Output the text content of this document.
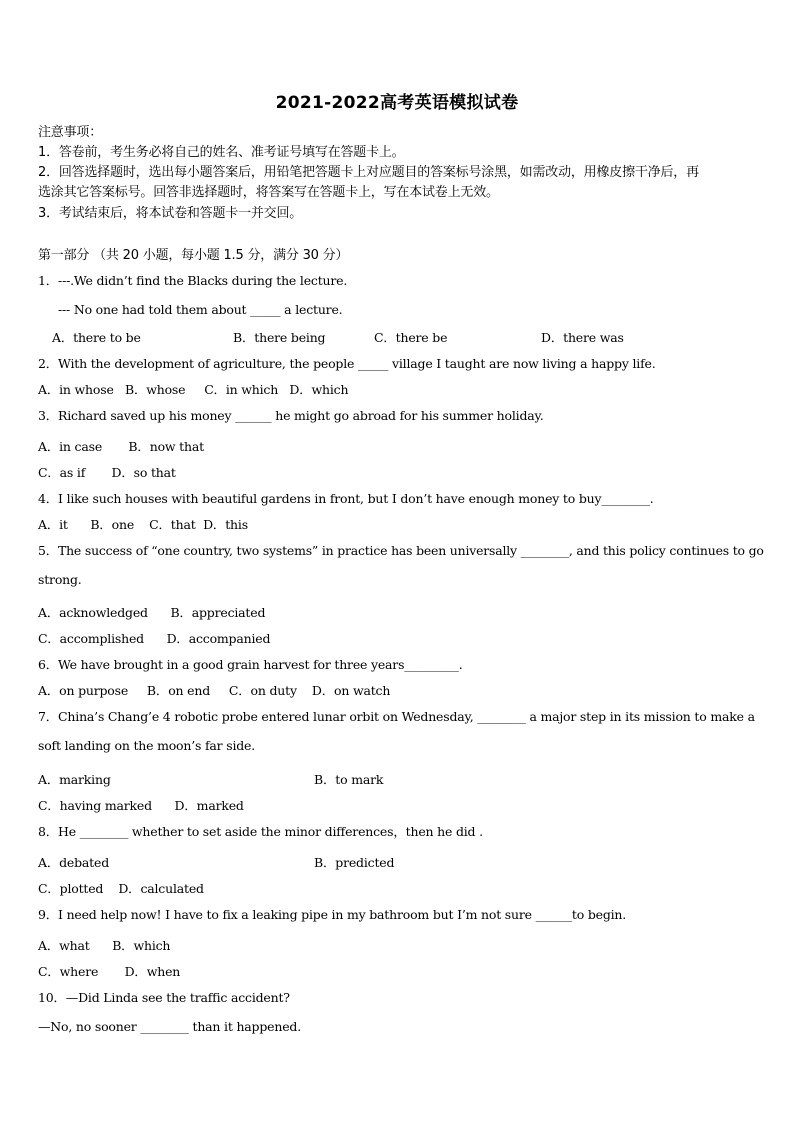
2021-2022高考英语模拟试卷
注意事项：
1．答卷前，考生务必将自己的姓名、准考证号填写在答题卡上。
2．回答选择题时，选出每小题答案后，用铅笔把答题卡上对应题目的答案标号涂黑，如需改动，用橡皮擦干净后，再
选涂其它答案标号。回答非选择题时，将答案写在答题卡上，写在本试卷上无效。
3．考试结束后，将本试卷和答题卡一并交回。
第一部分 （共 20 小题，每小题 1.5 分，满分 30 分）
1．---.We didn’t find the Blacks during the lecture.
--- No one had told them about _____ a lecture.
A．there to be	B．there being	C．there be	D．there was
2．With the development of agriculture, the people _____ village I taught are now living a happy life.
A．in whose   B．whose     C．in which   D．which
3．Richard saved up his money ______ he might go abroad for his summer holiday.
A．in case       B．now that
C．as if       D．so that
4．I like such houses with beautiful gardens in front, but I don’t have enough money to buy________.
A．it      B．one    C．that  D．this
5．The success of “one country, two systems” in practice has been universally ________, and this policy continues to go
strong.
A．acknowledged      B．appreciated
C．accomplished      D．accompanied
6．We have brought in a good grain harvest for three years_________.
A．on purpose     B．on end     C．on duty    D．on watch
7．China’s Chang’e 4 robotic probe entered lunar orbit on Wednesday, ________ a major step in its mission to make a
soft landing on the moon’s far side.
A．marking	B．to mark
C．having marked      D．marked
8．He ________ whether to set aside the minor differences，then he did .
A．debated	B．predicted
C．plotted    D．calculated
9．I need help now! I have to fix a leaking pipe in my bathroom but I’m not sure ______to begin.
A．what      B．which
C．where       D．when
10．—Did Linda see the traffic accident?
—No, no sooner ________ than it happened.
